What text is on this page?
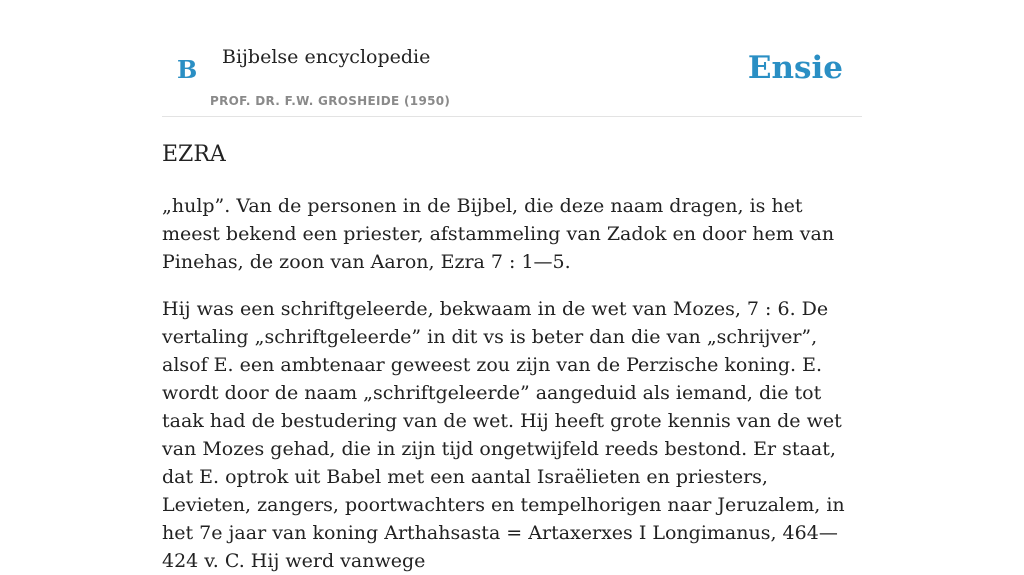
B Bijbelse encyclopedie
PROF. DR. F.W. GROSHEIDE (1950)
Ensie
EZRA

„hulp”. Van de personen in de Bijbel, die deze naam dragen, is het meest bekend een priester, afstammeling van Zadok en door hem van Pinehas, de zoon van Aaron, Ezra 7 : 1—5.

Hij was een schriftgeleerde, bekwaam in de wet van Mozes, 7 : 6. De vertaling „schriftgeleerde” in dit vs is beter dan die van „schrijver”, alsof E. een ambtenaar geweest zou zijn van de Perzische koning. E. wordt door de naam „schriftgeleerde” aangeduid als iemand, die tot taak had de bestudering van de wet. Hij heeft grote kennis van de wet van Mozes gehad, die in zijn tijd ongetwijfeld reeds bestond. Er staat, dat E. optrok uit Babel met een aantal Israëlieten en priesters, Levieten, zangers, poortwachters en tempelhorigen naar Jeruzalem, in het 7e jaar van koning Arthahsasta = Artaxerxes I Longimanus, 464—424 v. C. Hij werd vanwege
